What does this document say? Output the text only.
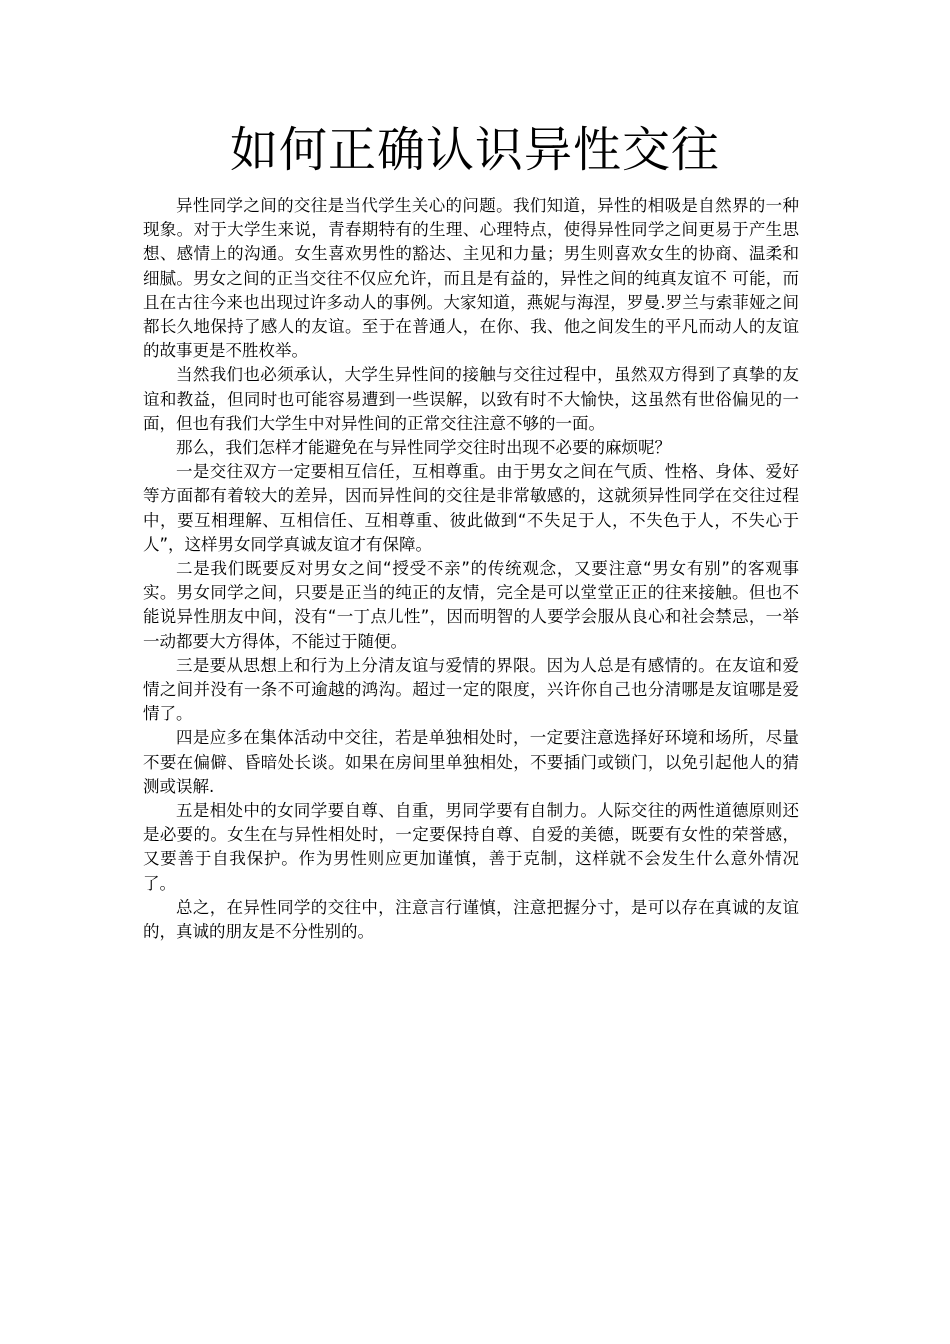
如何正确认识异性交往

异性同学之间的交往是当代学生关心的问题。我们知道，异性的相吸是自然界的一种现象。对于大学生来说，青春期特有的生理、心理特点，使得异性同学之间更易于产生思想、感情上的沟通。女生喜欢男性的豁达、主见和力量；男生则喜欢女生的协商、温柔和细腻。男女之间的正当交往不仅应允许，而且是有益的，异性之间的纯真友谊不 可能，而且在古往今来也出现过许多动人的事例。大家知道，燕妮与海涅，罗曼.罗兰与索菲娅之间都长久地保持了感人的友谊。至于在普通人，在你、我、他之间发生的平凡而动人的友谊的故事更是不胜枚举。

当然我们也必须承认，大学生异性间的接触与交往过程中，虽然双方得到了真挚的友谊和教益，但同时也可能容易遭到一些误解，以致有时不大愉快，这虽然有世俗偏见的一面，但也有我们大学生中对异性间的正常交往注意不够的一面。

那么，我们怎样才能避免在与异性同学交往时出现不必要的麻烦呢？

一是交往双方一定要相互信任，互相尊重。由于男女之间在气质、性格、身体、爱好等方面都有着较大的差异，因而异性间的交往是非常敏感的，这就须异性同学在交往过程中，要互相理解、互相信任、互相尊重、彼此做到“不失足于人，不失色于人，不失心于人”，这样男女同学真诚友谊才有保障。

二是我们既要反对男女之间“授受不亲”的传统观念，又要注意“男女有别”的客观事实。男女同学之间，只要是正当的纯正的友情，完全是可以堂堂正正的往来接触。但也不能说异性朋友中间，没有“一丁点儿性”，因而明智的人要学会服从良心和社会禁忌，一举一动都要大方得体，不能过于随便。

三是要从思想上和行为上分清友谊与爱情的界限。因为人总是有感情的。在友谊和爱情之间并没有一条不可逾越的鸿沟。超过一定的限度，兴许你自己也分清哪是友谊哪是爱情了。

四是应多在集体活动中交往，若是单独相处时，一定要注意选择好环境和场所，尽量不要在偏僻、昏暗处长谈。如果在房间里单独相处，不要插门或锁门，以免引起他人的猜测或误解.

五是相处中的女同学要自尊、自重，男同学要有自制力。人际交往的两性道德原则还是必要的。女生在与异性相处时，一定要保持自尊、自爱的美德，既要有女性的荣誉感，又要善于自我保护。作为男性则应更加谨慎，善于克制，这样就不会发生什么意外情况了。

总之，在异性同学的交往中，注意言行谨慎，注意把握分寸，是可以存在真诚的友谊的，真诚的朋友是不分性别的。
